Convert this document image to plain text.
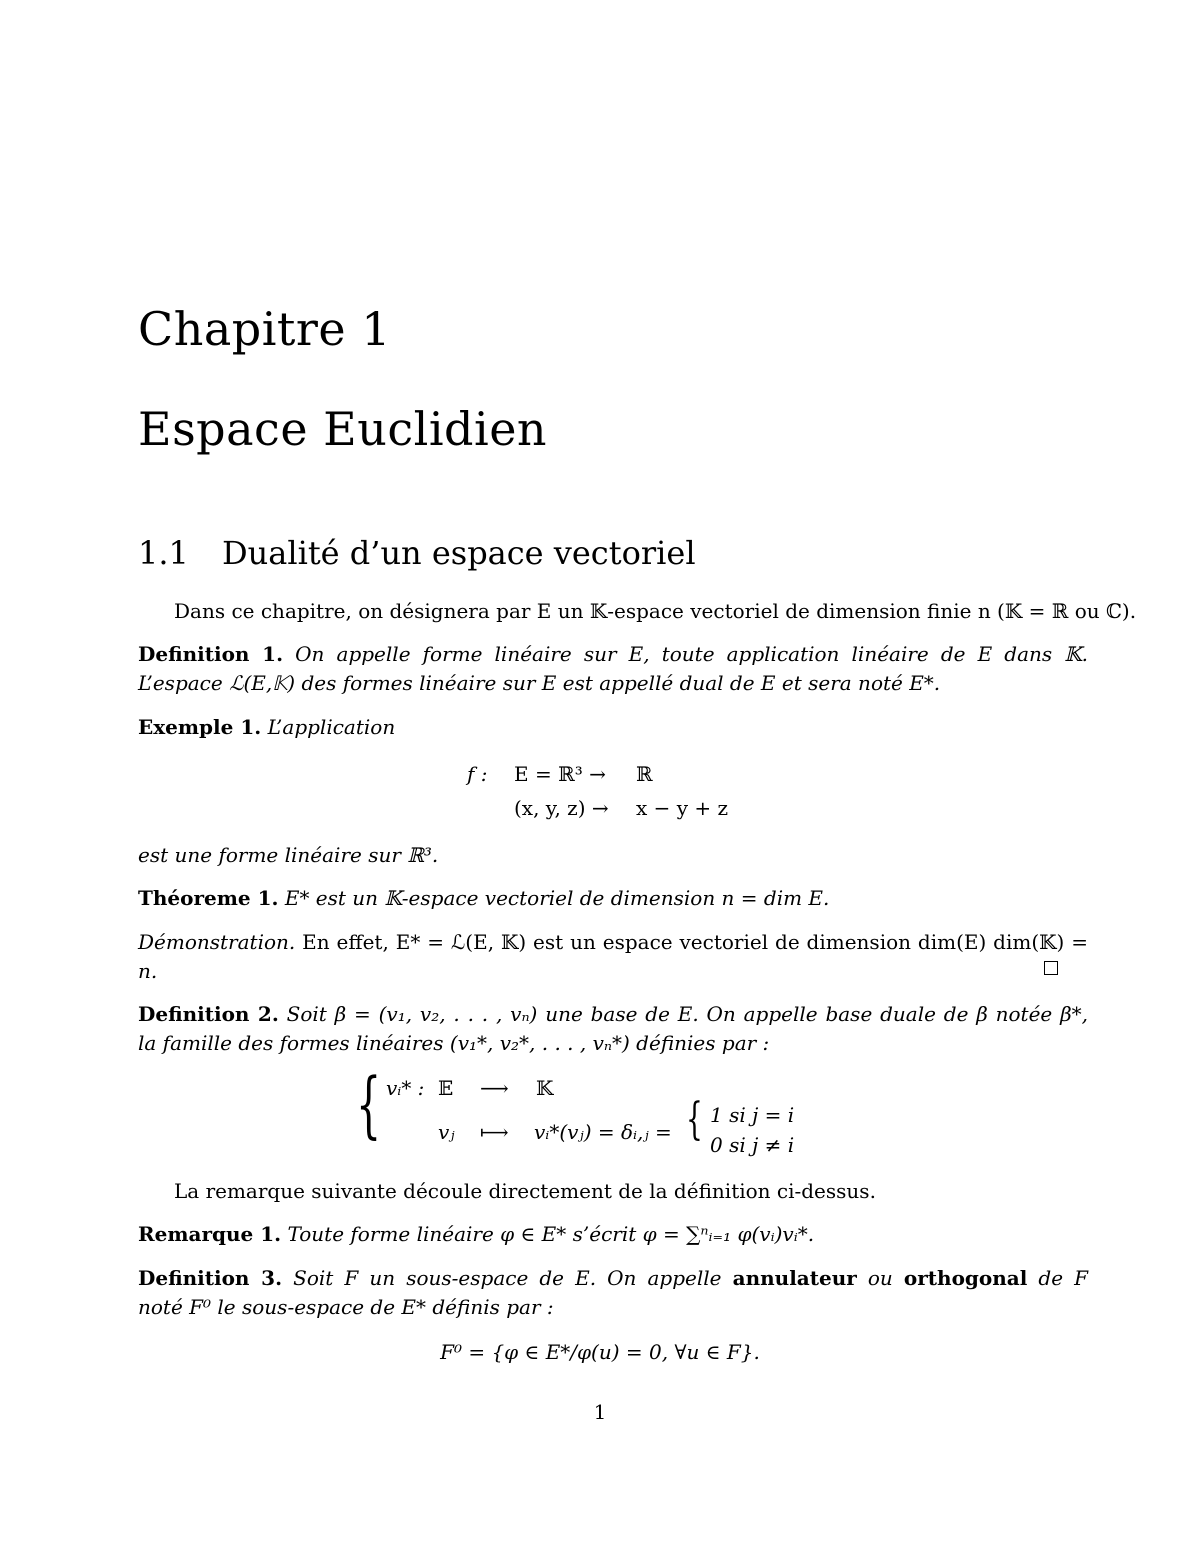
Chapitre 1
Espace Euclidien
1.1 Dualité d’un espace vectoriel
Dans ce chapitre, on désignera par E un 𝕂-espace vectoriel de dimension finie n (𝕂 = ℝ ou ℂ).
Definition 1. On appelle forme linéaire sur E, toute application linéaire de E dans 𝕂.
L’espace ℒ(E,𝕂) des formes linéaire sur E est appellé dual de E et sera noté E*.
Exemple 1. L’application
f : E = ℝ³ → ℝ
(x, y, z) → x − y + z
est une forme linéaire sur ℝ³.
Théoreme 1. E* est un 𝕂-espace vectoriel de dimension n = dim E.
Démonstration. En effet, E* = ℒ(E, 𝕂) est un espace vectoriel de dimension dim(E) dim(𝕂) =
n.
Definition 2. Soit β = (v₁, v₂, . . . , vₙ) une base de E. On appelle base duale de β notée β*,
la famille des formes linéaires (v₁*, v₂*, . . . , vₙ*) définies par :
{ vᵢ* : 𝔼 ⟶ 𝕂
vⱼ ⟼ vᵢ*(vⱼ) = δᵢ,ⱼ = { 1 si j = i
0 si j ≠ i
La remarque suivante découle directement de la définition ci-dessus.
Remarque 1. Toute forme linéaire φ ∈ E* s’écrit φ = ∑ⁿᵢ₌₁ φ(vᵢ)vᵢ*.
Definition 3. Soit F un sous-espace de E. On appelle annulateur ou orthogonal de F
noté F⁰ le sous-espace de E* définis par :
F⁰ = {φ ∈ E*/φ(u) = 0, ∀u ∈ F}.
1
